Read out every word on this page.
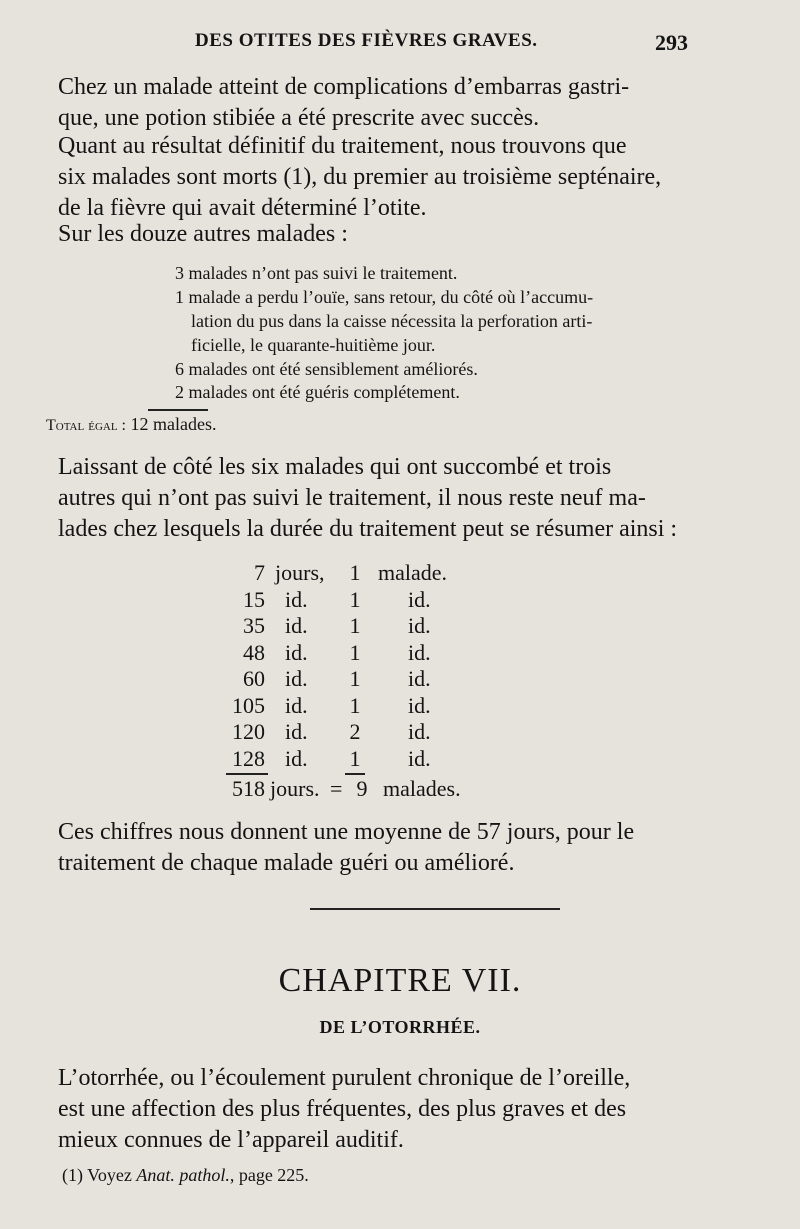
DES OTITES DES FIÈVRES GRAVES.	293
Chez un malade atteint de complications d’embarras gastri-
que, une potion stibiée a été prescrite avec succès.
Quant au résultat définitif du traitement, nous trouvons que
six malades sont morts (1), du premier au troisième septénaire,
de la fièvre qui avait déterminé l’otite.
Sur les douze autres malades :
3 malades n’ont pas suivi le traitement.
1 malade a perdu l’ouïe, sans retour, du côté où l’accumu-
lation du pus dans la caisse nécessita la perforation arti-
ficielle, le quarante-huitième jour.
6 malades ont été sensiblement améliorés.
2 malades ont été guéris complétement.
Total égal : 12 malades.
Laissant de côté les six malades qui ont succombé et trois
autres qui n’ont pas suivi le traitement, il nous reste neuf ma-
lades chez lesquels la durée du traitement peut se résumer ainsi :
7 jours, 1 malade.
15 id. 1 id.
35 id. 1 id.
48 id. 1 id.
60 id. 1 id.
105 id. 1 id.
120 id. 2 id.
128 id. 1 id.
518 jours. = 9 malades.
Ces chiffres nous donnent une moyenne de 57 jours, pour le
traitement de chaque malade guéri ou amélioré.
CHAPITRE VII.
DE L’OTORRHÉE.
L’otorrhée, ou l’écoulement purulent chronique de l’oreille,
est une affection des plus fréquentes, des plus graves et des
mieux connues de l’appareil auditif.
(1) Voyez Anat. pathol., page 225.
